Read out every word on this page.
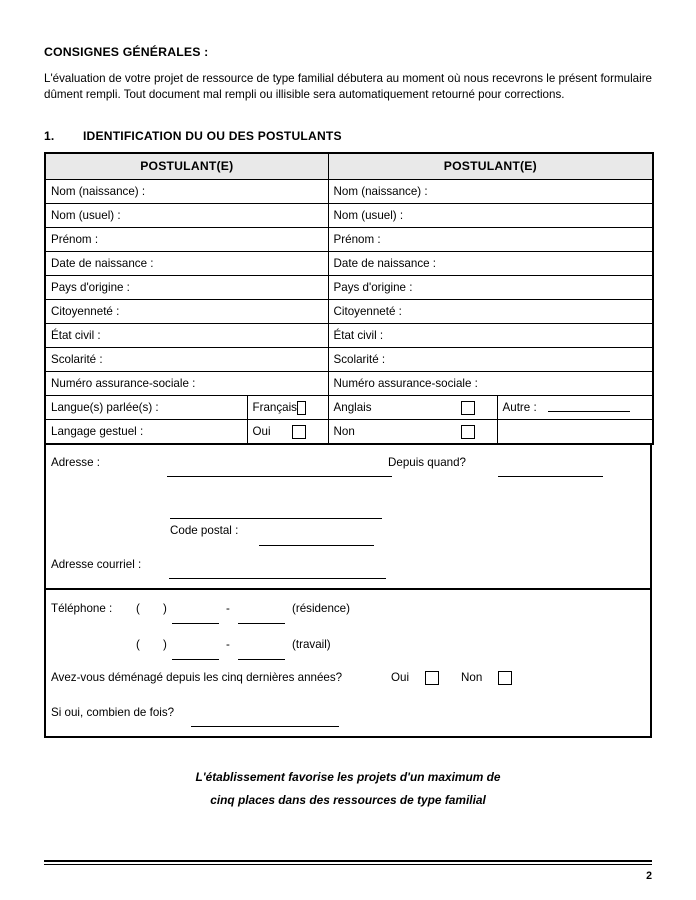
CONSIGNES GÉNÉRALES :

L'évaluation de votre projet de ressource de type familial débutera au moment où nous recevrons le présent formulaire dûment rempli. Tout document mal rempli ou illisible sera automatiquement retourné pour corrections.

1.	IDENTIFICATION DU OU DES POSTULANTS
POSTULANT(E)		POSTULANT(E)	
Nom (naissance) :		Nom (naissance) :	
Nom (usuel) :		Nom (usuel) :	
Prénom :		Prénom :	
Date de naissance :		Date de naissance :	
Pays d'origine :		Pays d'origine :	
Citoyenneté :		Citoyenneté :	
État civil :		État civil :	
Scolarité :		Scolarité :	
Numéro assurance-sociale :		Numéro assurance-sociale :	
Langue(s) parlée(s) :	Français	Anglais	Autre :
Langage gestuel :	Oui	Non	

Adresse :	Depuis quand?
Code postal :
Adresse courriel :
Téléphone : ( )	-	(résidence)
( )	-	(travail)
Avez-vous déménagé depuis les cinq dernières années?	Oui	Non
Si oui, combien de fois?
L'établissement favorise les projets d'un maximum de
cinq places dans des ressources de type familial
2
